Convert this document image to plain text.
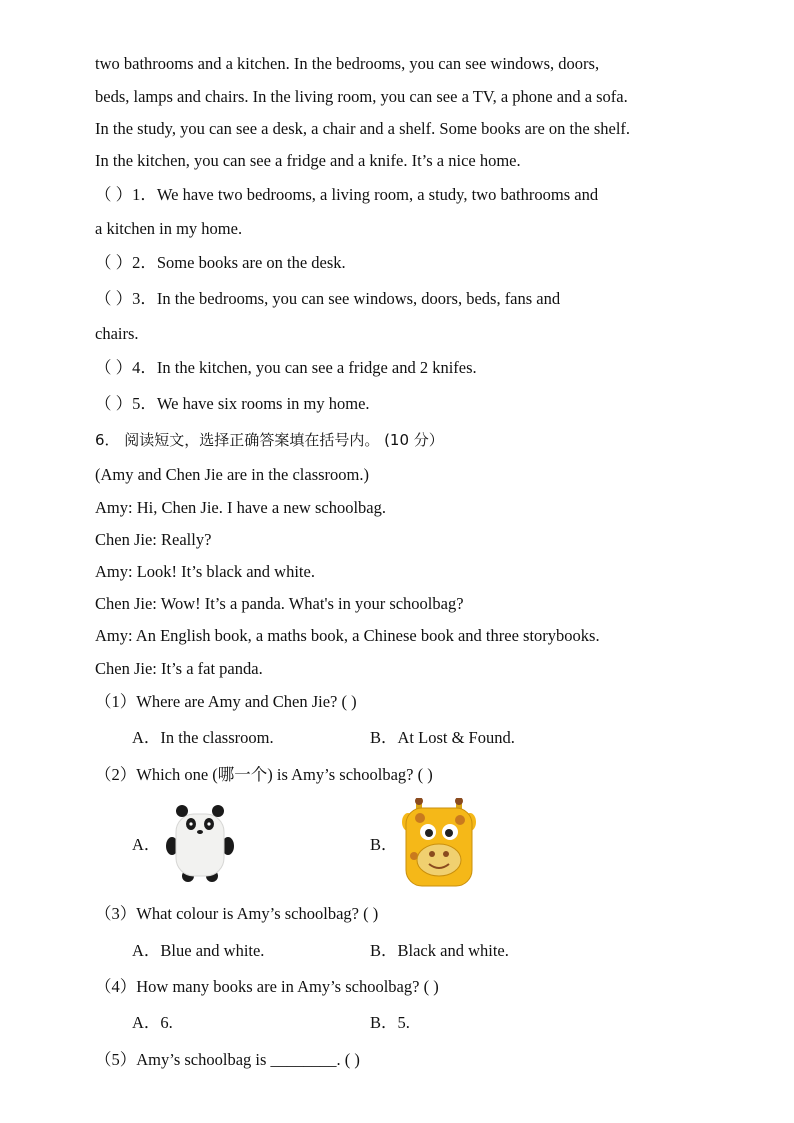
two bathrooms and a kitchen. In the bedrooms, you can see windows, doors,
beds, lamps and chairs. In the living room, you can see a TV, a phone and a sofa.
In the study, you can see a desk, a chair and a shelf. Some books are on the shelf.
In the kitchen, you can see a fridge and a knife. It’s a nice home.
（ ）1．We have two bedrooms, a living room, a study, two bathrooms and
a kitchen in my home.
（ ）2．Some books are on the desk.
（ ）3．In the bedrooms, you can see windows, doors, beds, fans and
chairs.
（ ）4．In the kitchen, you can see a fridge and 2 knifes.
（ ）5．We have six rooms in my home.
6． 阅读短文，选择正确答案填在括号内。 (10 分）
(Amy and Chen Jie are in the classroom.)
Amy: Hi, Chen Jie. I have a new schoolbag.
Chen Jie: Really?
Amy: Look! It’s black and white.
Chen Jie: Wow! It’s a panda. What's in your schoolbag?
Amy: An English book, a maths book, a Chinese book and three storybooks.
Chen Jie: It’s a fat panda.
（1）Where are Amy and Chen Jie? ( )
A．In the classroom.	B．At Lost & Found.
（2）Which one (哪一个) is Amy’s schoolbag? ( )
A．	B．
（3）What colour is Amy’s schoolbag? ( )
A．Blue and white.	B．Black and white.
（4）How many books are in Amy’s schoolbag? ( )
A．6.	B．5.
（5）Amy’s schoolbag is ________. ( )
